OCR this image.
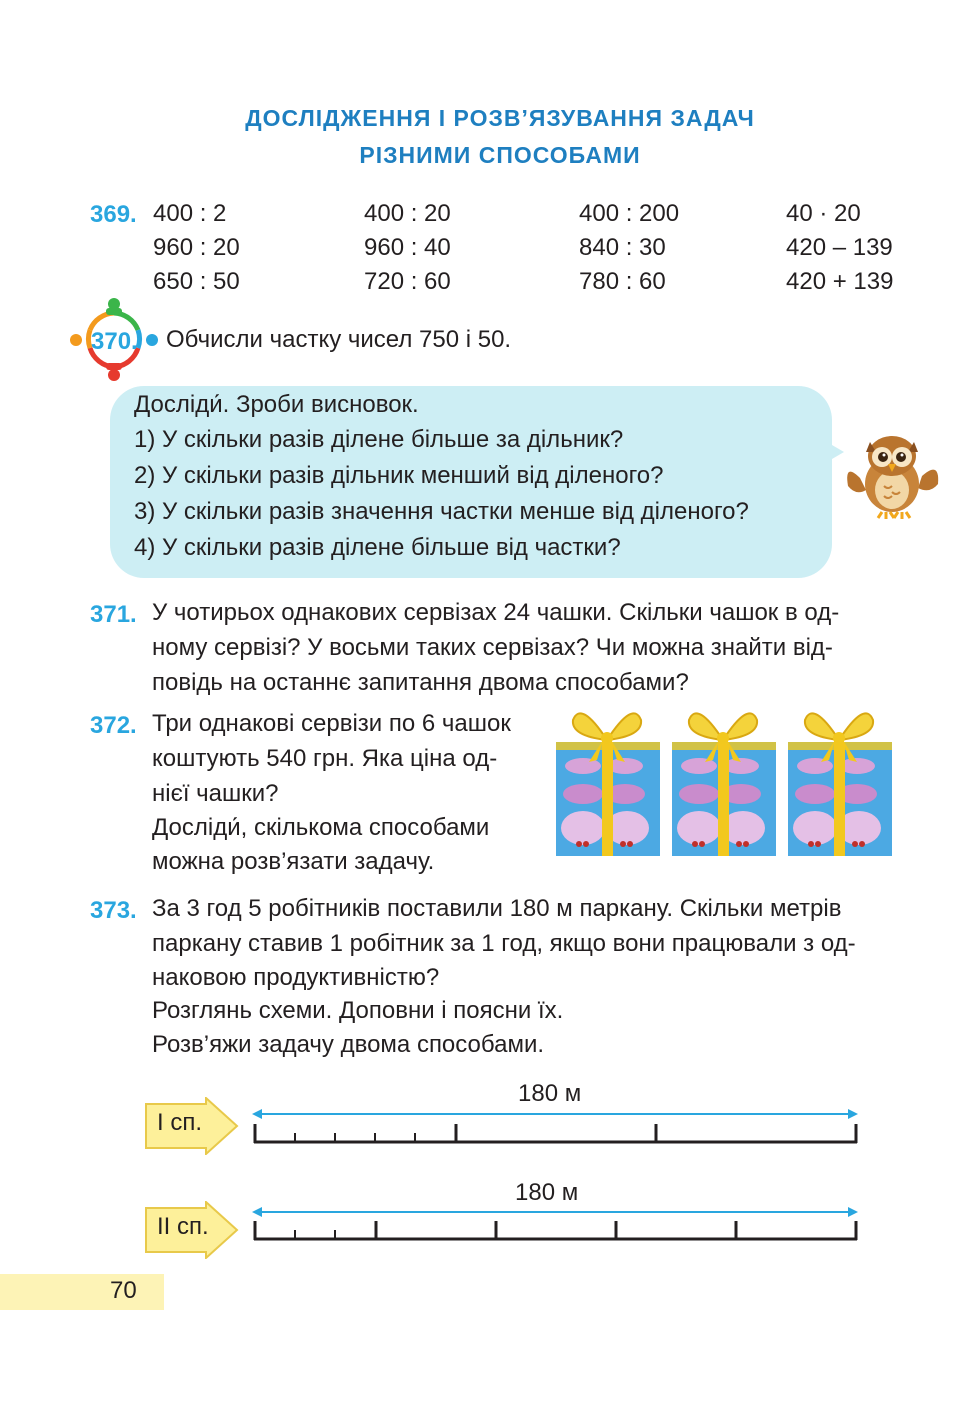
ДОСЛІДЖЕННЯ І РОЗВ’ЯЗУВАННЯ ЗАДАЧ
РІЗНИМИ СПОСОБАМИ
369. 400 : 2	400 : 20	400 : 200	40 · 20
960 : 20	960 : 40	840 : 30	420 – 139
650 : 50	720 : 60	780 : 60	420 + 139
370. Обчисли частку чисел 750 і 50.
Досліди́. Зроби висновок.
1) У скільки разів ділене більше за дільник?
2) У скільки разів дільник менший від діленого?
3) У скільки разів значення частки менше від діленого?
4) У скільки разів ділене більше від частки?
371. У чотирьох однакових сервізах 24 чашки. Скільки чашок в од-
ному сервізі? У восьми таких сервізах? Чи можна знайти від-
повідь на останнє запитання двома способами?
372. Три однакові сервізи по 6 чашок
коштують 540 грн. Яка ціна од-
нієї чашки?
Досліди́, скількома способами
можна розв’язати задачу.
373. За 3 год 5 робітників поставили 180 м паркану. Скільки метрів
паркану ставив 1 робітник за 1 год, якщо вони працювали з од-
наковою продуктивністю?
Розглянь схеми. Доповни і поясни їх.
Розв’яжи задачу двома способами.
І сп.
180 м
ІІ сп.
180 м
70
